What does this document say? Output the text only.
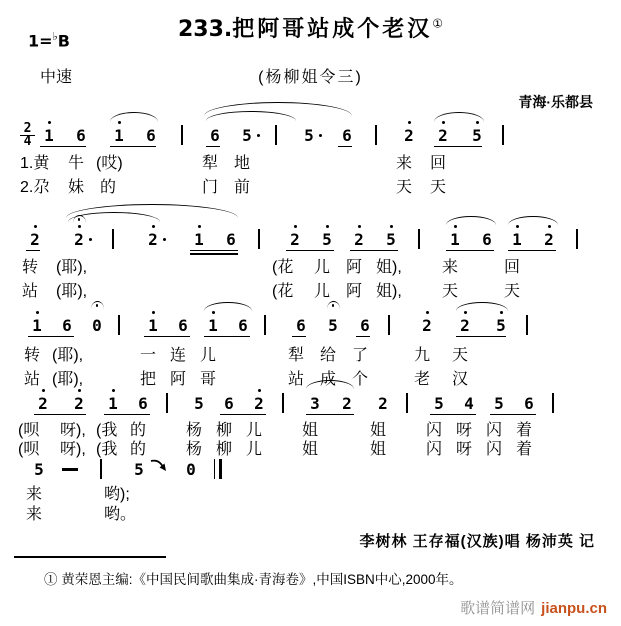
1=♭B	233.把阿哥站成个老汉①
中速	(杨柳姐令三)
青海·乐都县
$\frac{2}{4} 1$ 6 1 6	6 5	5 6	2 2 5
1.黄 牛 (哎)	犁 地	来 回
2.尕 妹 的	门 前	天 天
2 2	2 1 6	2 5 2 5	1 6 1 2
转 (耶),	(花 儿 阿 姐),	来	回
站 (耶),	(花 儿 阿 姐),	天	天
1 6 0	1 6 1 6	6 5 6	2 2 5
转 (耶),	一 连 儿	犁 给 了	九 天
站 (耶),	把 阿 哥	站 成 个	老 汉
2 2 1 6	5 6 2	3 2 2	5 4 5 6
(呗 呀), (我 的 杨 柳 儿 姐	姐 闪 呀 闪 着
(呗 呀), (我 的 杨 柳 儿 姐	姐 闪 呀 闪 着
5	5	0
来	哟);
来	哟。
李树林 王存福(汉族)唱 杨沛英 记
① 黄荣恩主编:《中国民间歌曲集成·青海卷》,中国ISBN中心,2000年。
歌谱简谱网 jianpu.cn
